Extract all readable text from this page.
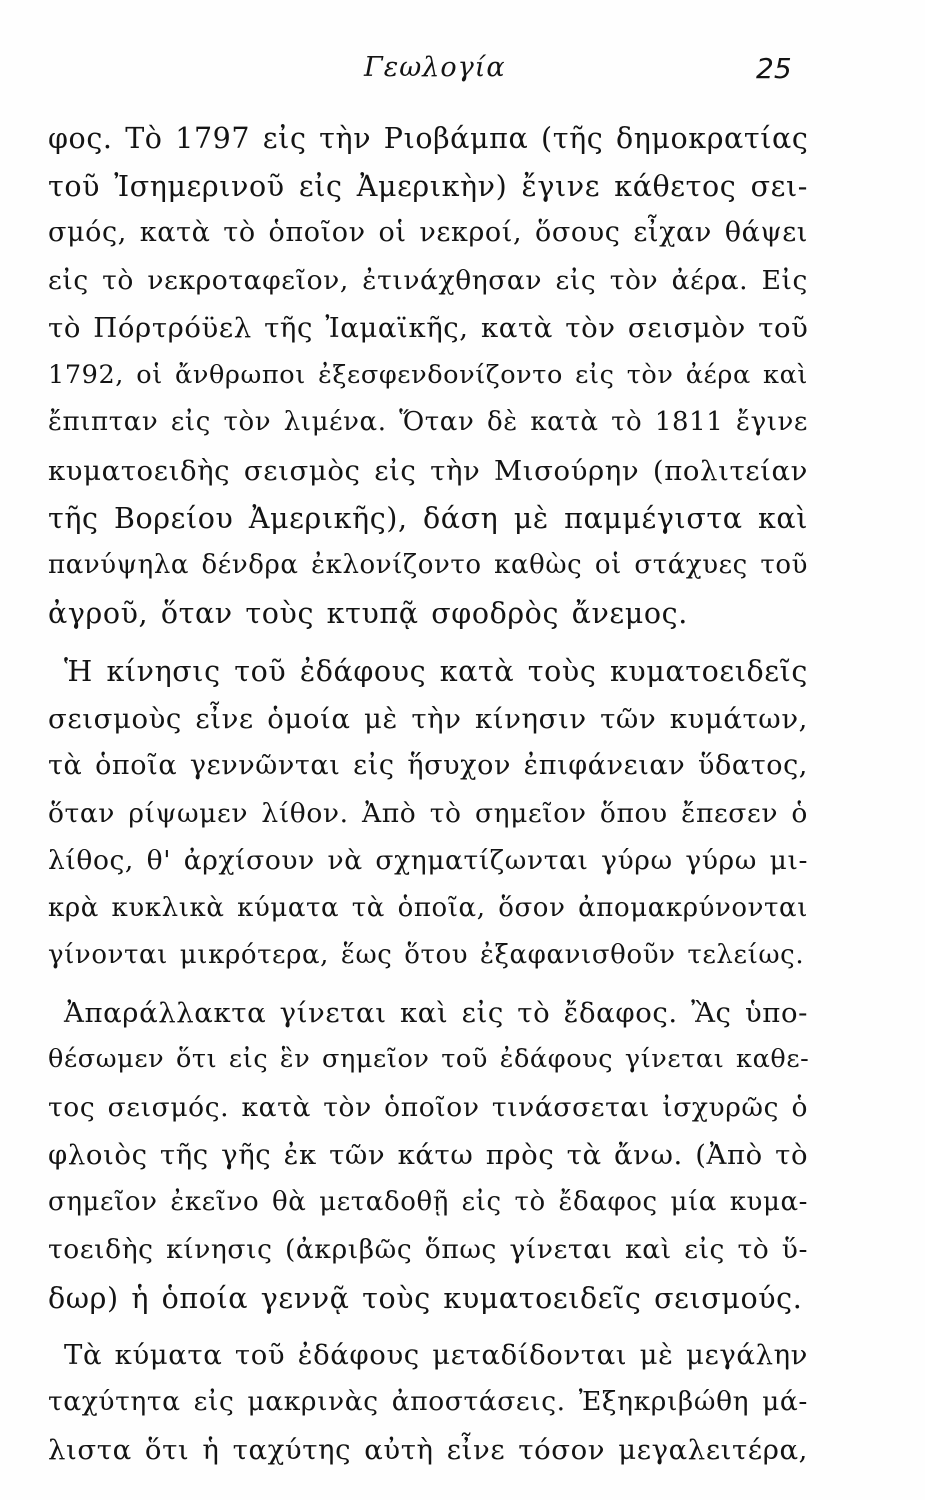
Γεωλογία	25
φος. Τὸ 1797 εἰς τὴν Ριοβάμπα (τῆς δημοκρατίας
τοῦ Ἰσημερινοῦ εἰς Ἀμερικὴν) ἔγινε κάθετος σει-
σμός, κατὰ τὸ ὁποῖον οἱ νεκροί, ὅσους εἶχαν θάψει
εἰς τὸ νεκροταφεῖον, ἐτινάχθησαν εἰς τὸν ἀέρα. Εἰς
τὸ Πόρτρόϋελ τῆς Ἰαμαϊκῆς, κατὰ τὸν σεισμὸν τοῦ
1792, οἱ ἄνθρωποι ἐξεσφενδονίζοντο εἰς τὸν ἀέρα καὶ
ἔπιπταν εἰς τὸν λιμένα. Ὅταν δὲ κατὰ τὸ 1811 ἔγινε
κυματοειδὴς σεισμὸς εἰς τὴν Μισούρην (πολιτείαν
τῆς Βορείου Ἀμερικῆς), δάση μὲ παμμέγιστα καὶ
πανύψηλα δένδρα ἐκλονίζοντο καθὼς οἱ στάχυες τοῦ
ἀγροῦ, ὅταν τοὺς κτυπᾷ σφοδρὸς ἄνεμος.
Ἡ κίνησις τοῦ ἐδάφους κατὰ τοὺς κυματοειδεῖς
σεισμοὺς εἶνε ὁμοία μὲ τὴν κίνησιν τῶν κυμάτων,
τὰ ὁποῖα γεννῶνται εἰς ἥσυχον ἐπιφάνειαν ὕδατος,
ὅταν ρίψωμεν λίθον. Ἀπὸ τὸ σημεῖον ὅπου ἔπεσεν ὁ
λίθος, θ' ἀρχίσουν νὰ σχηματίζωνται γύρω γύρω μι-
κρὰ κυκλικὰ κύματα τὰ ὁποῖα, ὅσον ἀπομακρύνονται
γίνονται μικρότερα, ἕως ὅτου ἐξαφανισθοῦν τελείως.
Ἀπαράλλακτα γίνεται καὶ εἰς τὸ ἔδαφος. Ἂς ὑπο-
θέσωμεν ὅτι εἰς ἓν σημεῖον τοῦ ἐδάφους γίνεται καθε-
τος σεισμός. κατὰ τὸν ὁποῖον τινάσσεται ἰσχυρῶς ὁ
φλοιὸς τῆς γῆς ἐκ τῶν κάτω πρὸς τὰ ἄνω. (Ἀπὸ τὸ
σημεῖον ἐκεῖνο θὰ μεταδοθῇ εἰς τὸ ἔδαφος μία κυμα-
τοειδὴς κίνησις (ἀκριβῶς ὅπως γίνεται καὶ εἰς τὸ ὕ-
δωρ) ἡ ὁποία γεννᾷ τοὺς κυματοειδεῖς σεισμούς.
Τὰ κύματα τοῦ ἐδάφους μεταδίδονται μὲ μεγάλην
ταχύτητα εἰς μακρινὰς ἀποστάσεις. Ἐξηκριβώθη μά-
λιστα ὅτι ἡ ταχύτης αὐτὴ εἶνε τόσον μεγαλειτέρα,
